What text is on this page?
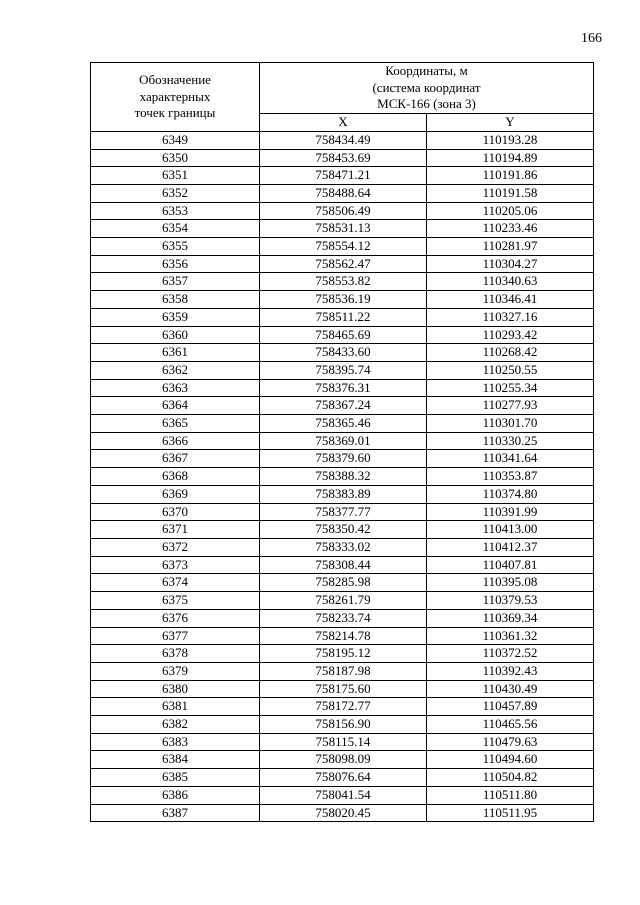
166
Обозначение
характерных
точек границы	Координаты, м
(система координат
МСК-166 (зона 3)	

	X	Y
6349	758434.49	110193.28
6350	758453.69	110194.89
6351	758471.21	110191.86
6352	758488.64	110191.58
6353	758506.49	110205.06
6354	758531.13	110233.46
6355	758554.12	110281.97
6356	758562.47	110304.27
6357	758553.82	110340.63
6358	758536.19	110346.41
6359	758511.22	110327.16
6360	758465.69	110293.42
6361	758433.60	110268.42
6362	758395.74	110250.55
6363	758376.31	110255.34
6364	758367.24	110277.93
6365	758365.46	110301.70
6366	758369.01	110330.25
6367	758379.60	110341.64
6368	758388.32	110353.87
6369	758383.89	110374.80
6370	758377.77	110391.99
6371	758350.42	110413.00
6372	758333.02	110412.37
6373	758308.44	110407.81
6374	758285.98	110395.08
6375	758261.79	110379.53
6376	758233.74	110369.34
6377	758214.78	110361.32
6378	758195.12	110372.52
6379	758187.98	110392.43
6380	758175.60	110430.49
6381	758172.77	110457.89
6382	758156.90	110465.56
6383	758115.14	110479.63
6384	758098.09	110494.60
6385	758076.64	110504.82
6386	758041.54	110511.80
6387	758020.45	110511.95
